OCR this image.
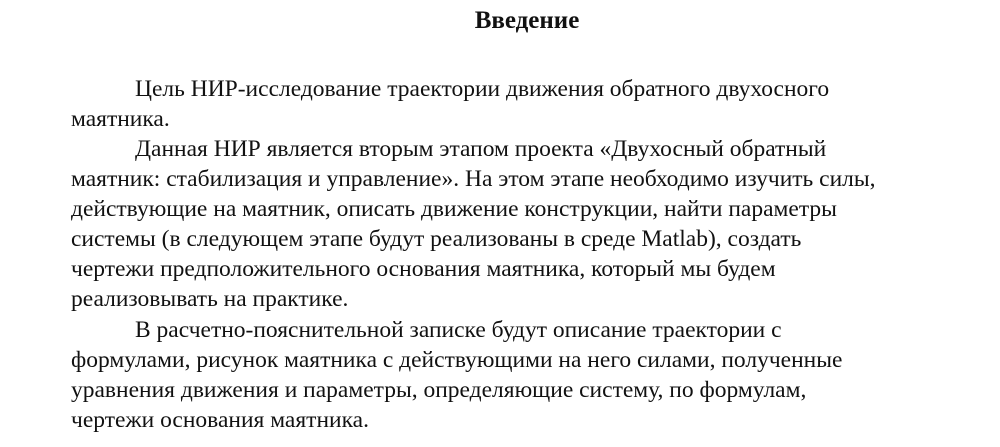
Введение

Цель НИР-исследование траектории движения обратного двухосного

маятника.

Данная НИР является вторым этапом проекта «Двухосный обратный

маятник: стабилизация и управление». На этом этапе необходимо изучить силы,

действующие на маятник, описать движение конструкции, найти параметры

системы (в следующем этапе будут реализованы в среде Matlab), создать

чертежи предположительного основания маятника, который мы будем

реализовывать на практике.

В расчетно-пояснительной записке будут описание траектории с

формулами, рисунок маятника с действующими на него силами, полученные

уравнения движения и параметры, определяющие систему, по формулам,

чертежи основания маятника.
